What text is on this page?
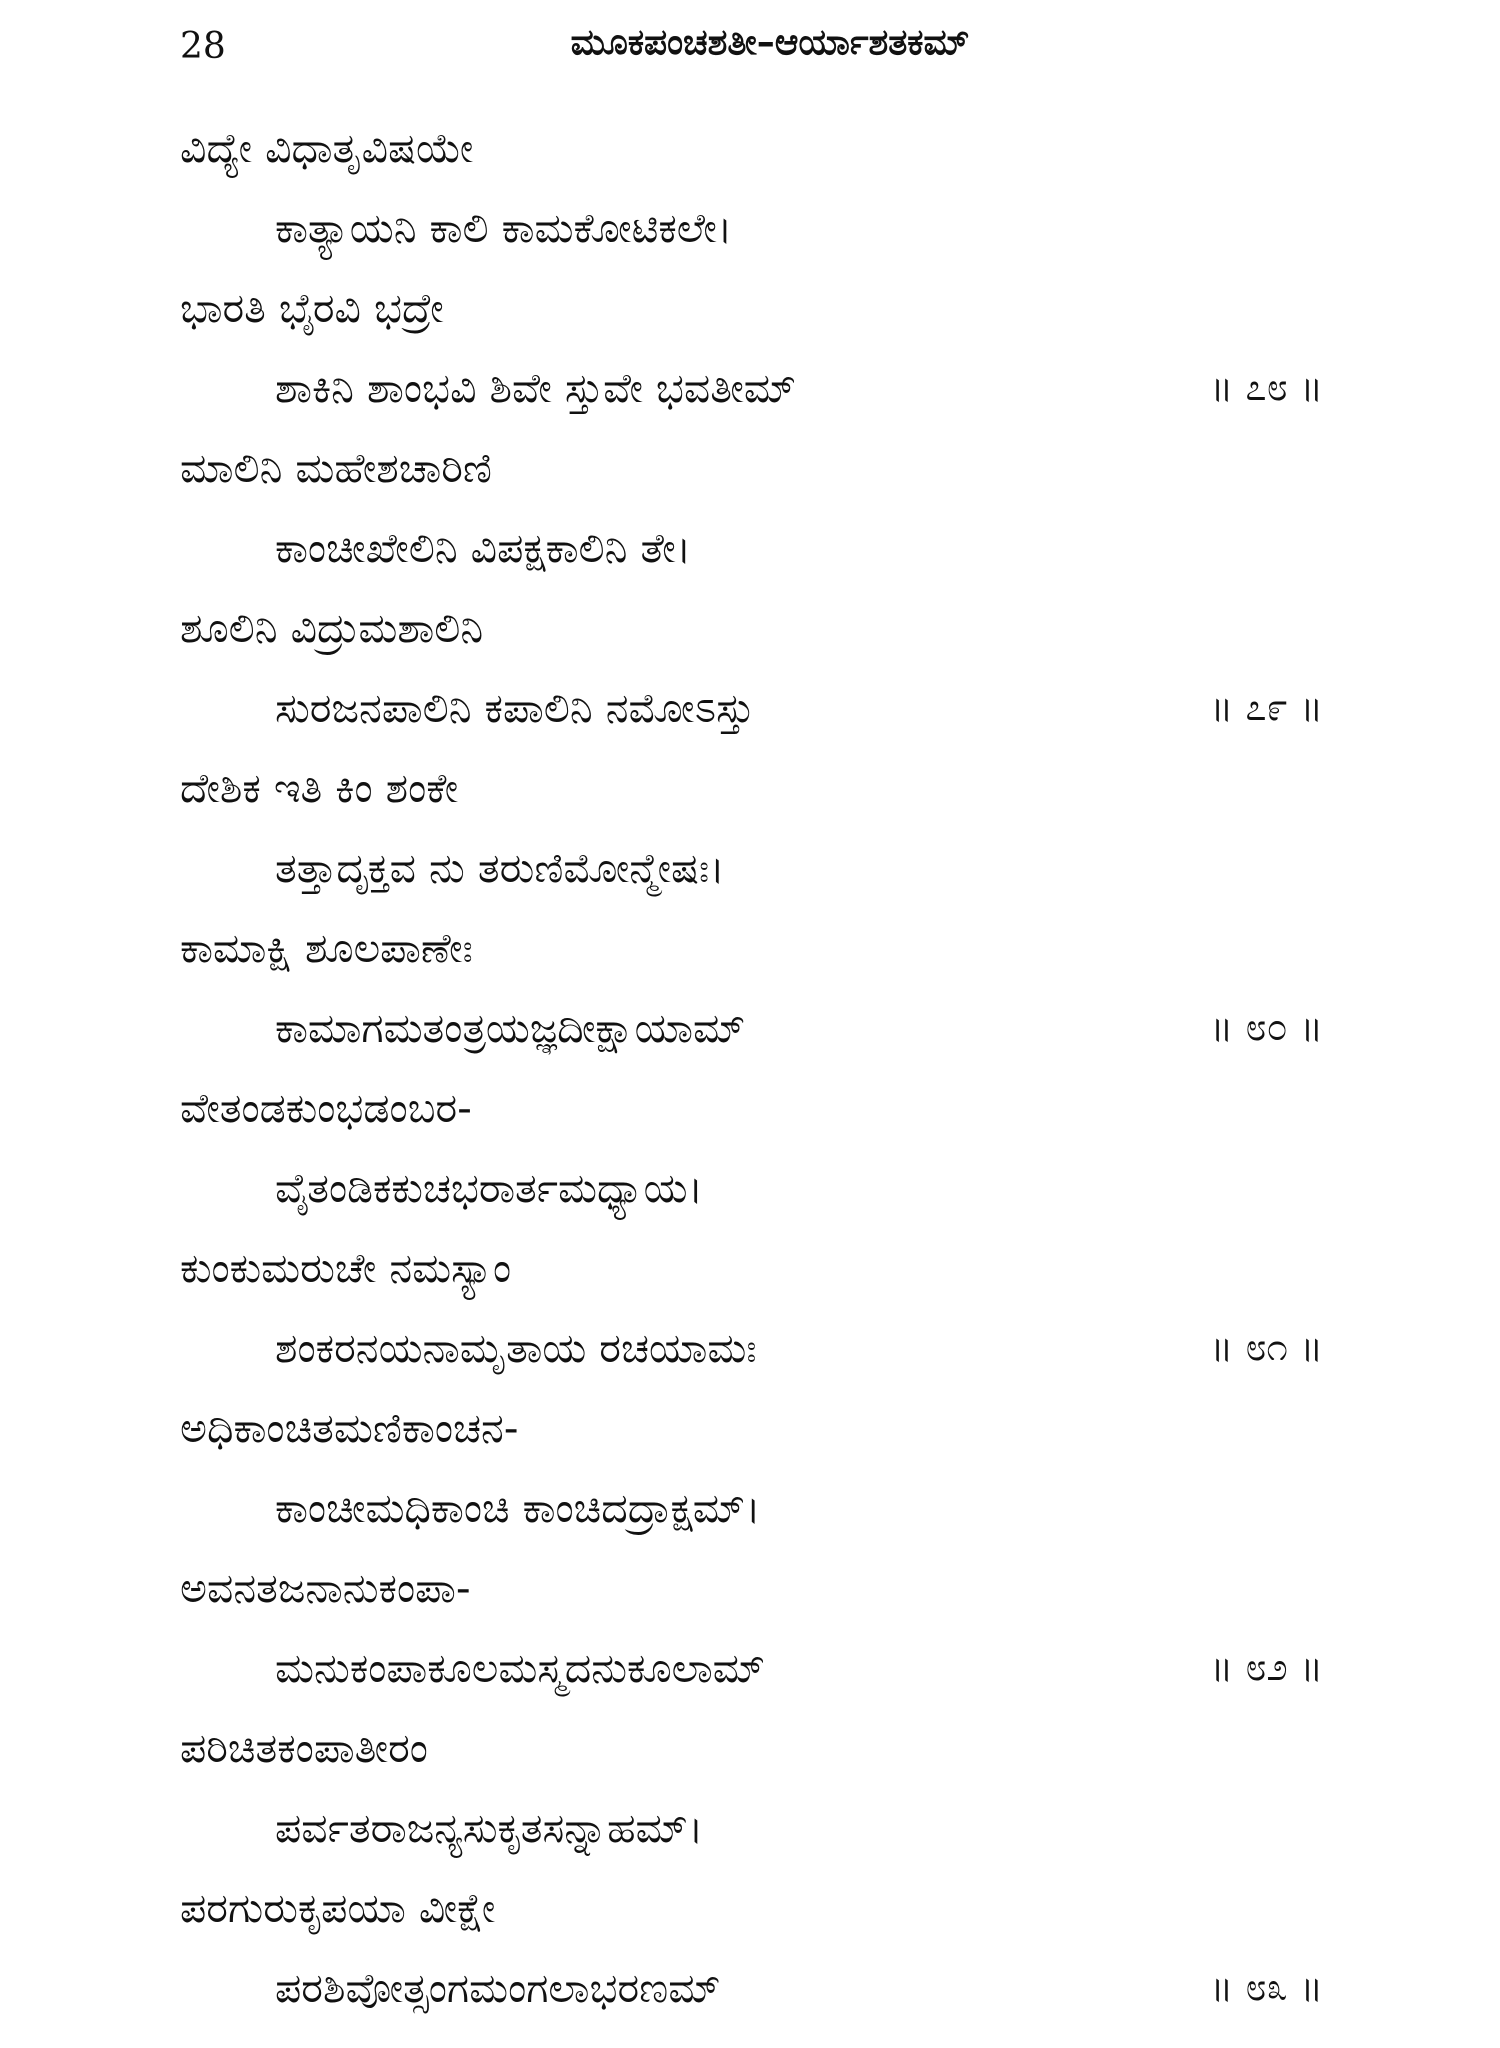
28	ಮೂಕಪಂಚಶತೀ–ಆರ್ಯಾಶತಕಮ್
ವಿದ್ಯೇ ವಿಧಾತೃವಿಷಯೇ
ಕಾತ್ಯಾಯನಿ ಕಾಲಿ ಕಾಮಕೋಟಿಕಲೇ।
ಭಾರತಿ ಭೈರವಿ ಭದ್ರೇ
ಶಾಕಿನಿ ಶಾಂಭವಿ ಶಿವೇ ಸ್ತುವೇ ಭವತೀಮ್	॥ ೭೮ ॥
ಮಾಲಿನಿ ಮಹೇಶಚಾರಿಣಿ
ಕಾಂಚೀಖೇಲಿನಿ ವಿಪಕ್ಷಕಾಲಿನಿ ತೇ।
ಶೂಲಿನಿ ವಿದ್ರುಮಶಾಲಿನಿ
ಸುರಜನಪಾಲಿನಿ ಕಪಾಲಿನಿ ನಮೋಽಸ್ತು	॥ ೭೯ ॥
ದೇಶಿಕ ಇತಿ ಕಿಂ ಶಂಕೇ
ತತ್ತಾದೃಕ್ತವ ನು ತರುಣಿಮೋನ್ಮೇಷಃ।
ಕಾಮಾಕ್ಷಿ ಶೂಲಪಾಣೇಃ
ಕಾಮಾಗಮತಂತ್ರಯಜ್ಞದೀಕ್ಷಾಯಾಮ್	॥ ೮೦ ॥
ವೇತಂಡಕುಂಭಡಂಬರ-
ವೈತಂಡಿಕಕುಚಭರಾರ್ತಮಧ್ಯಾಯ।
ಕುಂಕುಮರುಚೇ ನಮಸ್ಯಾಂ
ಶಂಕರನಯನಾಮೃತಾಯ ರಚಯಾಮಃ	॥ ೮೧ ॥
ಅಧಿಕಾಂಚಿತಮಣಿಕಾಂಚನ-
ಕಾಂಚೀಮಧಿಕಾಂಚಿ ಕಾಂಚಿದದ್ರಾಕ್ಷಮ್।
ಅವನತಜನಾನುಕಂಪಾ-
ಮನುಕಂಪಾಕೂಲಮಸ್ಮದನುಕೂಲಾಮ್	॥ ೮೨ ॥
ಪರಿಚಿತಕಂಪಾತೀರಂ
ಪರ್ವತರಾಜನ್ಯಸುಕೃತಸನ್ನಾಹಮ್।
ಪರಗುರುಕೃಪಯಾ ವೀಕ್ಷೇ
ಪರಶಿವೋತ್ಸಂಗಮಂಗಲಾಭರಣಮ್	॥ ೮೩ ॥
